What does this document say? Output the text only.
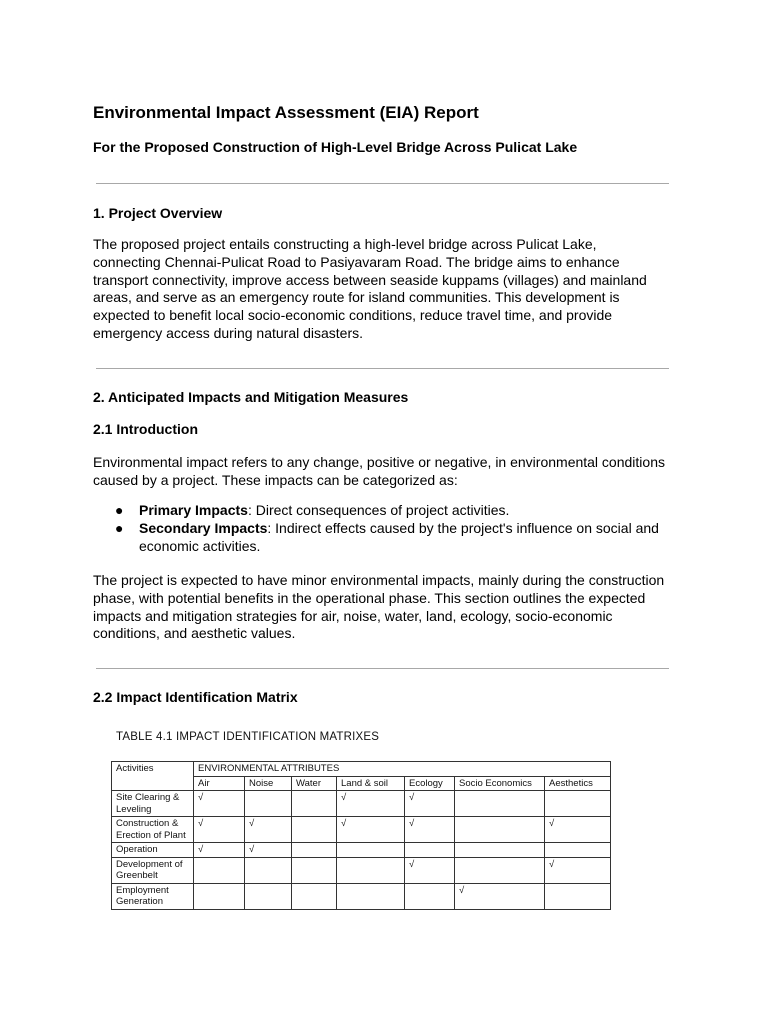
Environmental Impact Assessment (EIA) Report

For the Proposed Construction of High-Level Bridge Across Pulicat Lake

1. Project Overview

The proposed project entails constructing a high-level bridge across Pulicat Lake,
connecting Chennai-Pulicat Road to Pasiyavaram Road. The bridge aims to enhance
transport connectivity, improve access between seaside kuppams (villages) and mainland
areas, and serve as an emergency route for island communities. This development is
expected to benefit local socio-economic conditions, reduce travel time, and provide
emergency access during natural disasters.

2. Anticipated Impacts and Mitigation Measures

2.1 Introduction

Environmental impact refers to any change, positive or negative, in environmental conditions
caused by a project. These impacts can be categorized as:
● Primary Impacts: Direct consequences of project activities.
● Secondary Impacts: Indirect effects caused by the project's influence on social and economic activities.
The project is expected to have minor environmental impacts, mainly during the construction
phase, with potential benefits in the operational phase. This section outlines the expected
impacts and mitigation strategies for air, noise, water, land, ecology, socio-economic
conditions, and aesthetic values.

2.2 Impact Identification Matrix

TABLE 4.1 IMPACT IDENTIFICATION MATRIXES

Activities	ENVIRONMENTAL ATTRIBUTES						
	Air	Noise	Water	Land & soil	Ecology	Socio Economics	Aesthetics
Site Clearing & Leveling	√			√	√		
Construction & Erection of Plant	√	√		√	√		√
Operation	√	√					
Development of Greenbelt					√		√
Employment Generation						√	
